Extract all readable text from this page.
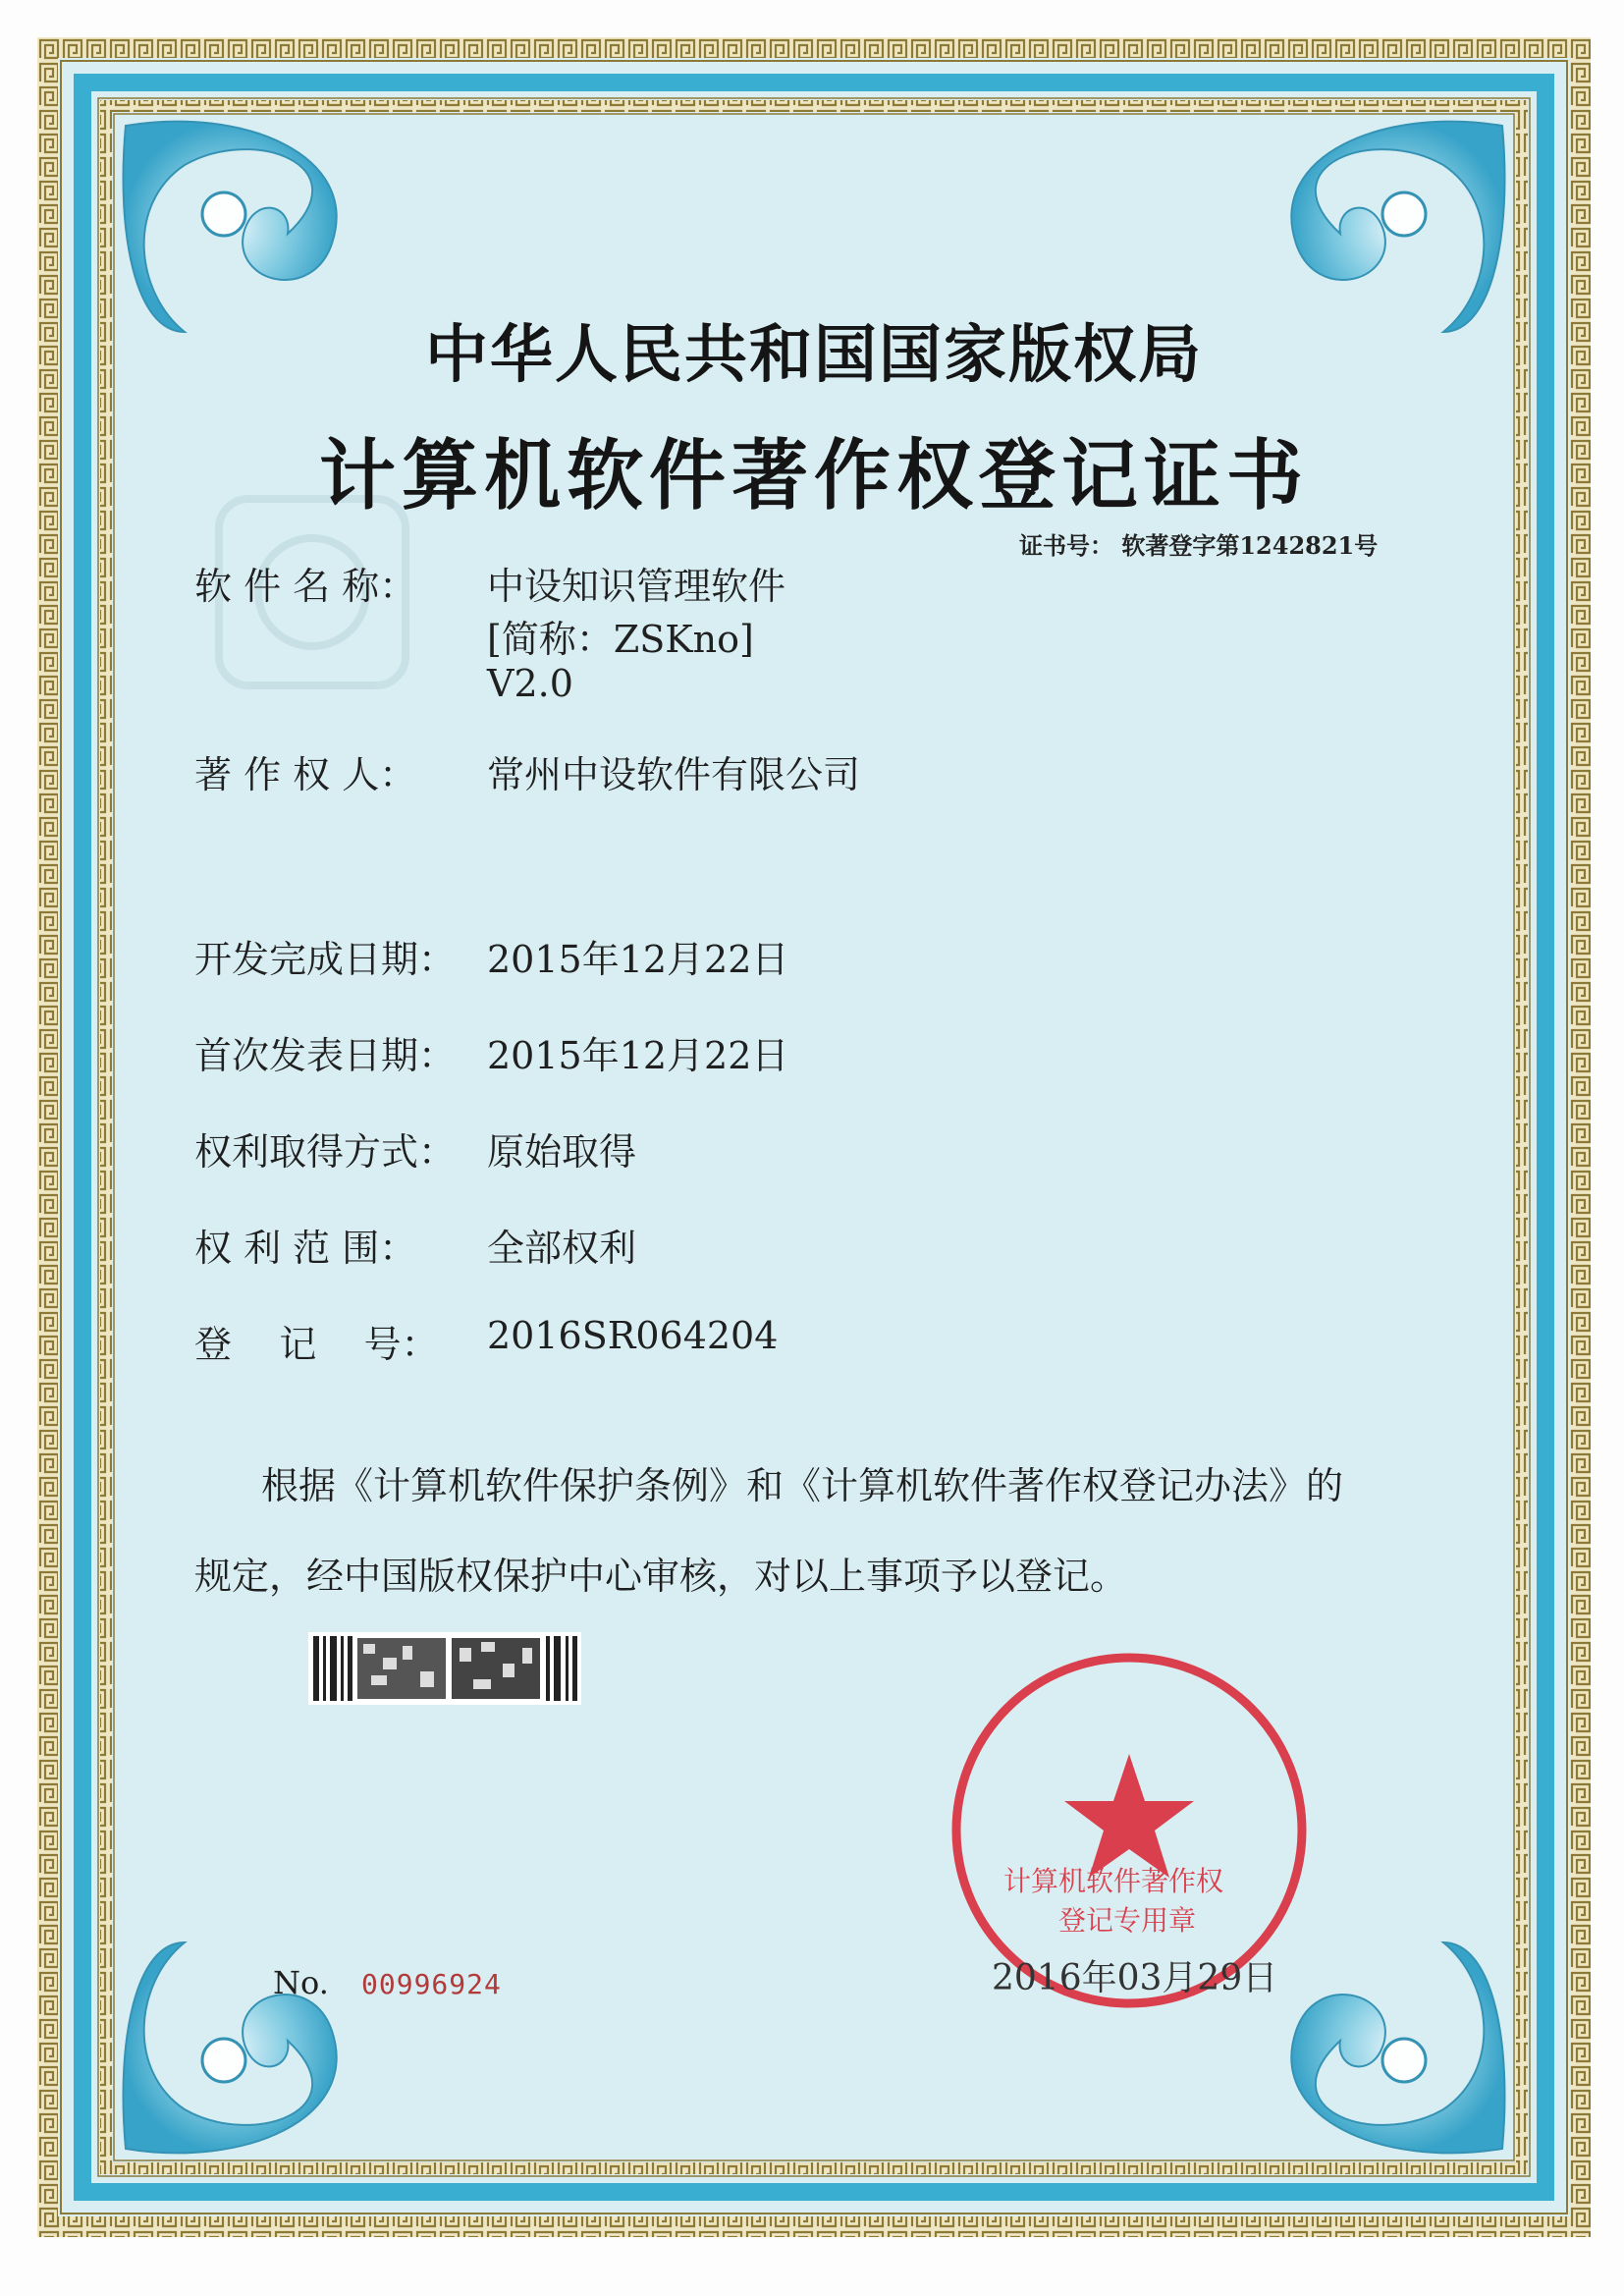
中华人民共和国国家版权局
计算机软件著作权登记证书
证书号： 软著登字第1242821号
软 件 名 称： 中设知识管理软件
[简称：ZSKno]
V2.0
著 作 权 人： 常州中设软件有限公司
开发完成日期： 2015年12月22日
首次发表日期： 2015年12月22日
权利取得方式： 原始取得
权 利 范 围： 全部权利
登    记    号： 2016SR064204
根据《计算机软件保护条例》和《计算机软件著作权登记办法》的
规定，经中国版权保护中心审核，对以上事项予以登记。
计算机软件著作权
登记专用章
No. 00996924	2016年03月29日
